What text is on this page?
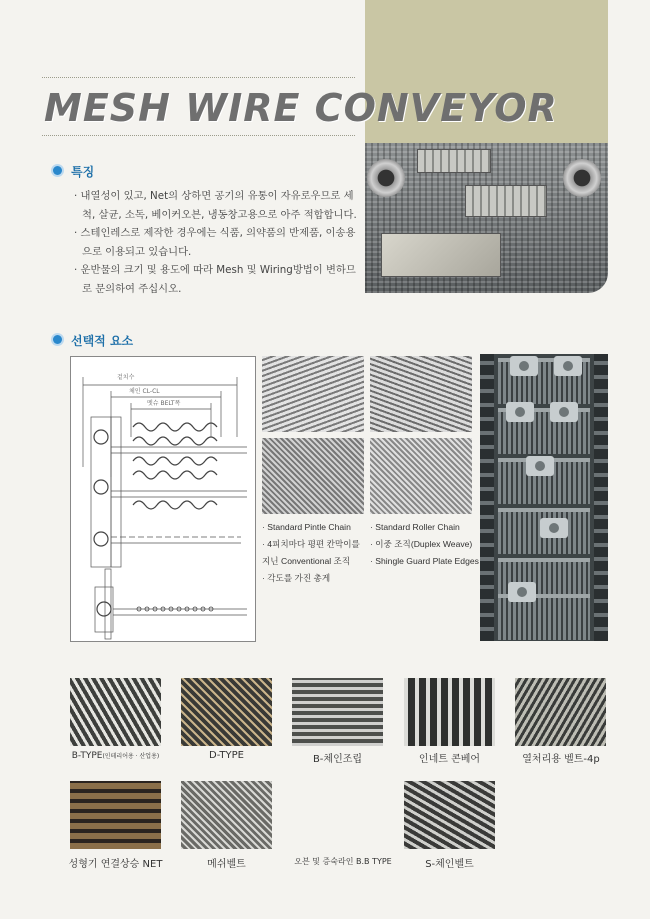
MESH WIRE CONVEYOR
특징
· 내열성이 있고, Net의 상하면 공기의 유통이 자유로우므로 세척, 살균, 소독, 베이커오븐, 냉동창고용으로 아주 적합합니다.
· 스테인레스로 제작한 경우에는 식품, 의약품의 반제품, 이송용으로 이용되고 있습니다.
· 운반물의 크기 및 용도에 따라 Mesh 및 Wiring방법이 변하므로 문의하여 주십시오.
선택적 요소
겉치수
체인 CL-CL
멧슈 BELT폭
· Standard Pintle Chain
· 4피치마다 평편 칸막이를
지닌 Conventional 조직
· 각도를 가진 총게
· Standard Roller Chain
· 이중 조직(Duplex Weave)
· Shingle Guard Plate Edges
B-TYPE(인테리어용 · 산업용)	D-TYPE	B-체인조립	인네트 콘베어	열처리용 벨트-4p
성형기 연결상승 NET	메쉬벨트	오븐 및 증숙라인 B.B TYPE	S-체인벨트
